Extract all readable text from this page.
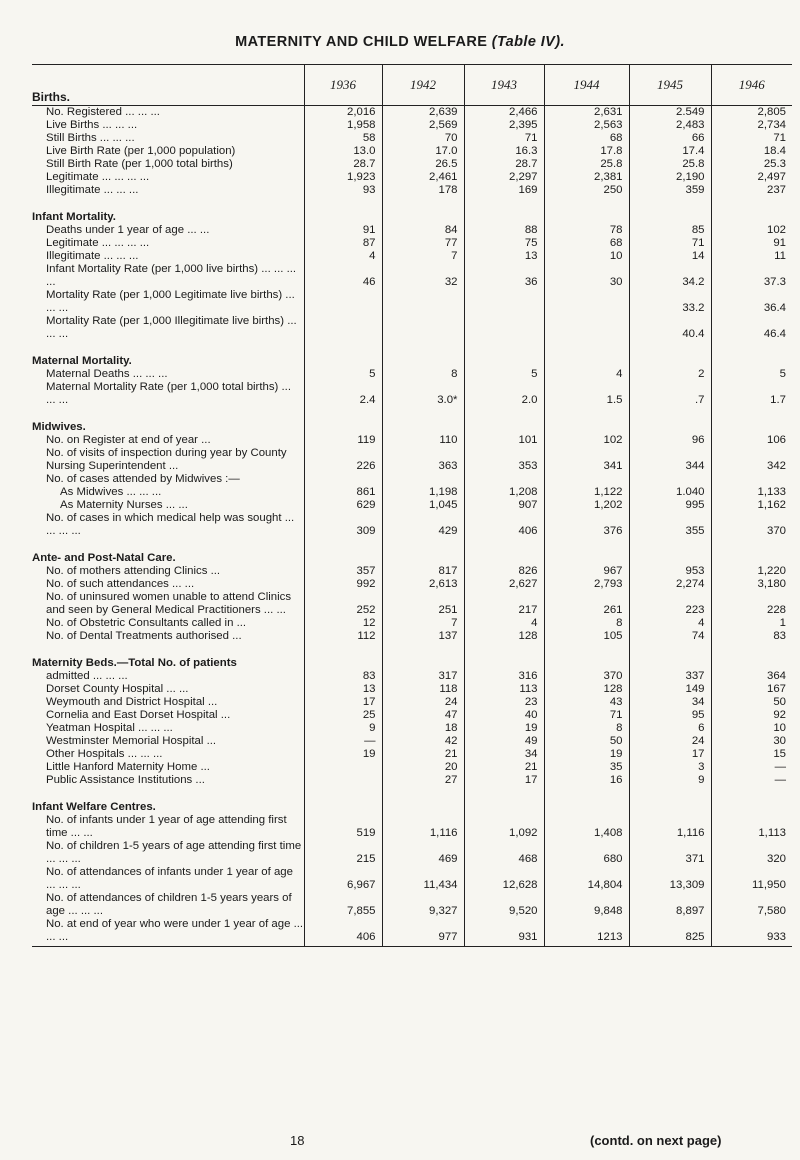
MATERNITY AND CHILD WELFARE (Table IV).
Births.	1936	1942	1943	1944	1945	1946
No. Registered ... ... ...	2,016	2,639	2,466	2,631	2.549	2,805
Live Births ... ... ...	1,958	2,569	2,395	2,563	2,483	2,734
Still Births ... ... ...	58	70	71	68	66	71
Live Birth Rate (per 1,000 population)	13.0	17.0	16.3	17.8	17.4	18.4
Still Birth Rate (per 1,000 total births)	28.7	26.5	28.7	25.8	25.8	25.3
Legitimate ... ... ... ...	1,923	2,461	2,297	2,381	2,190	2,497
Illegitimate ... ... ...	93	178	169	250	359	237
Infant Mortality.						
Deaths under 1 year of age ... ...	91	84	88	78	85	102
Legitimate ... ... ... ...	87	77	75	68	71	91
Illegitimate ... ... ...	4	7	13	10	14	11
Infant Mortality Rate (per 1,000 live births) ... ... ... ...	46	32	36	30	34.2	37.3
Mortality Rate (per 1,000 Legitimate live births) ... ... ...					33.2	36.4
Mortality Rate (per 1,000 Illegitimate live births) ... ... ...					40.4	46.4
Maternal Mortality.						
Maternal Deaths ... ... ...	5	8	5	4	2	5
Maternal Mortality Rate (per 1,000 total births) ... ... ...	2.4	3.0*	2.0	1.5	.7	1.7
Midwives.						
No. on Register at end of year ...	119	110	101	102	96	106
No. of visits of inspection during year by County Nursing Superintendent ...	226	363	353	341	344	342
No. of cases attended by Midwives :—						
As Midwives ... ... ...	861	1,198	1,208	1,122	1.040	1,133
As Maternity Nurses ... ...	629	1,045	907	1,202	995	1,162
No. of cases in which medical help was sought ... ... ... ...	309	429	406	376	355	370
Ante- and Post-Natal Care.						
No. of mothers attending Clinics ...	357	817	826	967	953	1,220
No. of such attendances ... ...	992	2,613	2,627	2,793	2,274	3,180
No. of uninsured women unable to attend Clinics and seen by General Medical Practitioners ... ...	252	251	217	261	223	228
No. of Obstetric Consultants called in ...	12	7	4	8	4	1
No. of Dental Treatments authorised ...	112	137	128	105	74	83
Maternity Beds.—Total No. of patients						
admitted ... ... ...	83	317	316	370	337	364
Dorset County Hospital ... ...	13	118	113	128	149	167
Weymouth and District Hospital ...	17	24	23	43	34	50
Cornelia and East Dorset Hospital ...	25	47	40	71	95	92
Yeatman Hospital ... ... ...	9	18	19	8	6	10
Westminster Memorial Hospital ...	—	42	49	50	24	30
Other Hospitals ... ... ...	19	21	34	19	17	15
Little Hanford Maternity Home ...		20	21	35	3	—
Public Assistance Institutions ...		27	17	16	9	—
Infant Welfare Centres.						
No. of infants under 1 year of age attending first time ... ...	519	1,116	1,092	1,408	1,116	1,113
No. of children 1-5 years of age attending first time ... ... ...	215	469	468	680	371	320
No. of attendances of infants under 1 year of age ... ... ...	6,967	11,434	12,628	14,804	13,309	11,950
No. of attendances of children 1-5 years years of age ... ... ...	7,855	9,327	9,520	9,848	8,897	7,580
No. at end of year who were under 1 year of age ... ... ...	406	977	931	1213	825	933
18	(contd. on next page)
